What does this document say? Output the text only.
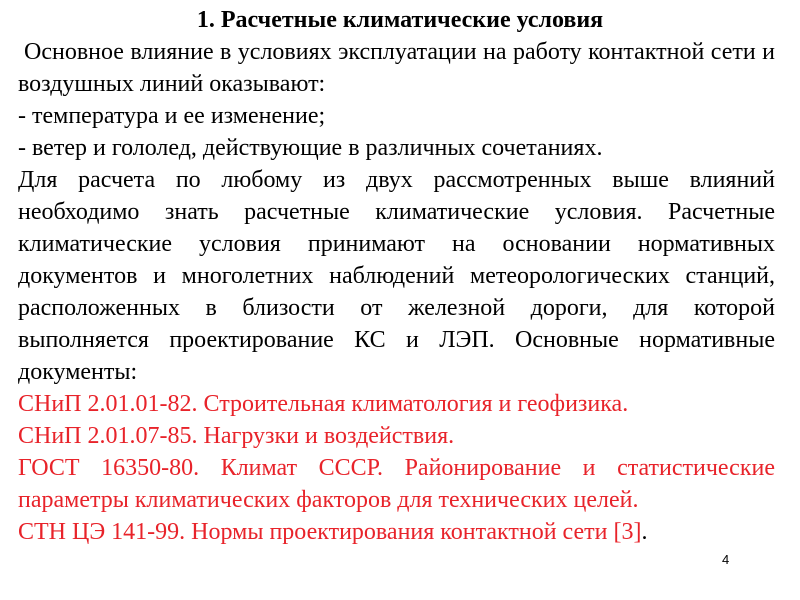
1. Расчетные климатические условия

Основное влияние в условиях эксплуатации на работу контактной сети и воздушных линий оказывают:

- температура и ее изменение;

- ветер и гололед, действующие в различных сочетаниях.

Для расчета по любому из двух рассмотренных выше влияний необходимо знать расчетные климатические условия. Расчетные климатические условия принимают на основании нормативных документов и многолетних наблюдений метеорологических станций, расположенных в близости от железной дороги, для которой выполняется проектирование КС и ЛЭП. Основные нормативные документы:

СНиП 2.01.01-82. Строительная климатология и геофизика.

СНиП 2.01.07-85. Нагрузки и воздействия.

ГОСТ 16350-80. Климат СССР. Районирование и статистические параметры климатических факторов для технических целей.

СТН ЦЭ 141-99. Нормы проектирования контактной сети [3].

4
